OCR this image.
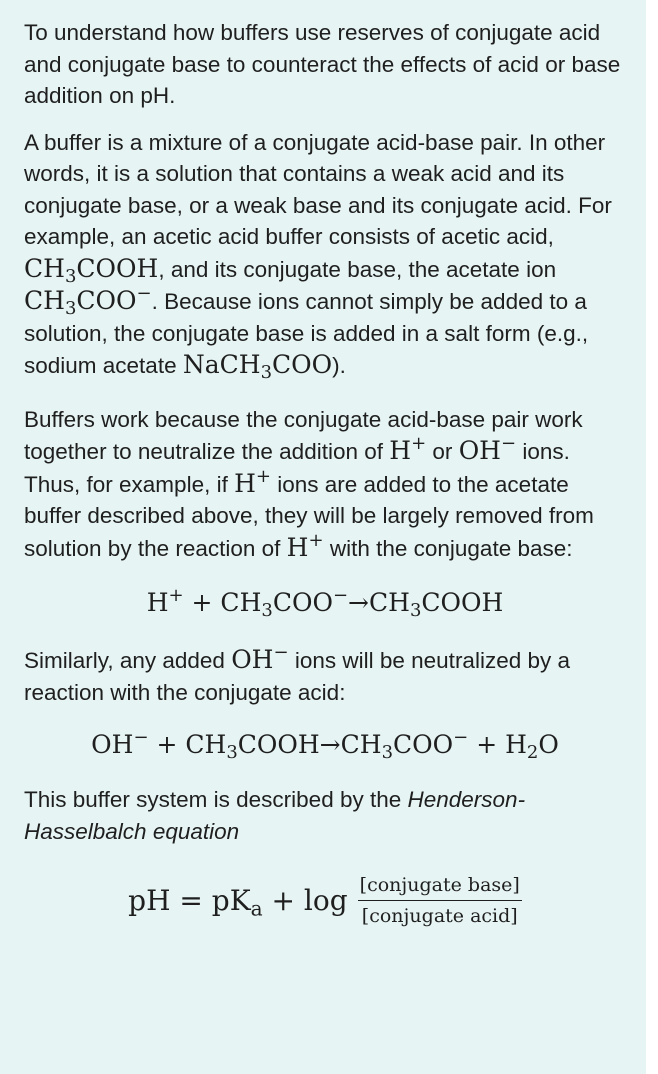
To understand how buffers use reserves of conjugate acid and conjugate base to counteract the effects of acid or base addition on pH.

A buffer is a mixture of a conjugate acid-base pair. In other words, it is a solution that contains a weak acid and its conjugate base, or a weak base and its conjugate acid. For example, an acetic acid buffer consists of acetic acid, $CH_3COOH$, and its conjugate base, the acetate ion $CH_3COO^-$. Because ions cannot simply be added to a solution, the conjugate base is added in a salt form (e.g., sodium acetate NaCH$_3$COO).

Buffers work because the conjugate acid-base pair work together to neutralize the addition of H+ or OH− ions. Thus, for example, if H+ ions are added to the acetate buffer described above, they will be largely removed from solution by the reaction of H+ with the conjugate base:

$H^+ + CH_3COO^-\to CH_3COOH$

Similarly, any added OH− ions will be neutralized by a reaction with the conjugate acid:

$OH^- + CH_3COOH\to CH_3COO^- + H_2O$

This buffer system is described by the Henderson-Hasselbalch equation

pH = $pK_a + \log \frac{\text{[conjugate base]}}{\text{[conjugate acid]}}$
